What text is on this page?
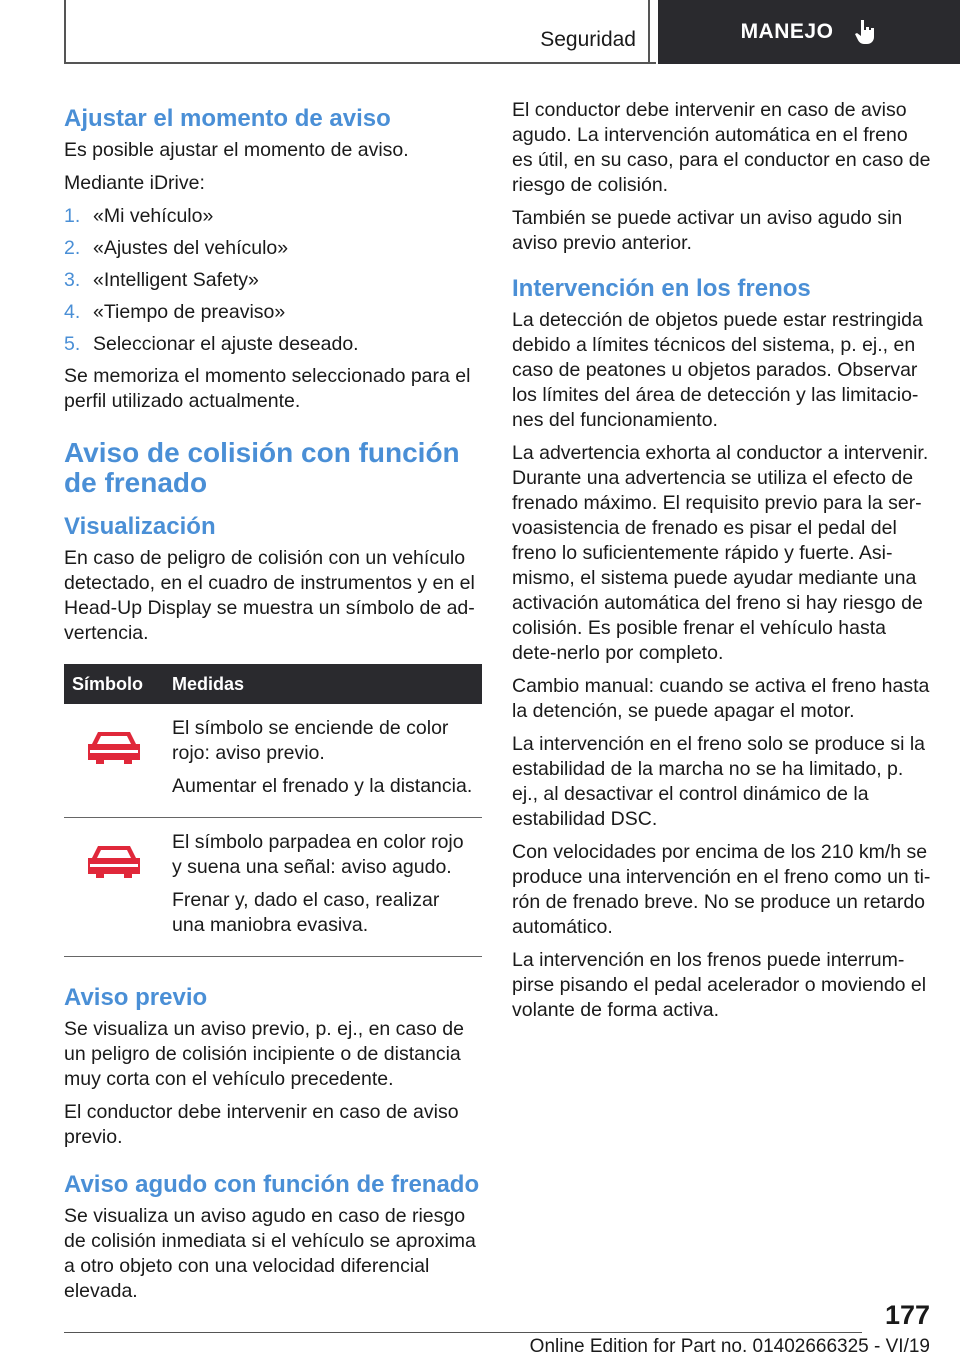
Seguridad	MANEJO
Ajustar el momento de aviso

Es posible ajustar el momento de aviso.

Mediante iDrive:

1. «Mi vehículo»
2. «Ajustes del vehículo»
3. «Intelligent Safety»
4. «Tiempo de preaviso»
5. Seleccionar el ajuste deseado.

Se memoriza el momento seleccionado para el perfil utilizado actualmente.

Aviso de colisión con función de frenado
Visualización

En caso de peligro de colisión con un vehículo detectado, en el cuadro de instrumentos y en el Head-Up Display se muestra un símbolo de ad-vertencia.

Símbolo	Medidas

El símbolo se enciende de color rojo: aviso previo.

Aumentar el frenado y la distancia.

El símbolo parpadea en color rojo y suena una señal: aviso agudo.

Frenar y, dado el caso, realizar una maniobra evasiva.

Aviso previo

Se visualiza un aviso previo, p. ej., en caso de un peligro de colisión incipiente o de distancia muy corta con el vehículo precedente.

El conductor debe intervenir en caso de aviso previo.

Aviso agudo con función de frenado

Se visualiza un aviso agudo en caso de riesgo de colisión inmediata si el vehículo se aproxima a otro objeto con una velocidad diferencial elevada.

El conductor debe intervenir en caso de aviso agudo. La intervención automática en el freno es útil, en su caso, para el conductor en caso de riesgo de colisión.

También se puede activar un aviso agudo sin aviso previo anterior.

Intervención en los frenos

La detección de objetos puede estar restringida debido a límites técnicos del sistema, p. ej., en caso de peatones u objetos parados. Observar los límites del área de detección y las limitacio-nes del funcionamiento.

La advertencia exhorta al conductor a intervenir. Durante una advertencia se utiliza el efecto de frenado máximo. El requisito previo para la ser-voasistencia de frenado es pisar el pedal del freno lo suficientemente rápido y fuerte. Asi-mismo, el sistema puede ayudar mediante una activación automática del freno si hay riesgo de colisión. Es posible frenar el vehículo hasta dete-nerlo por completo.

Cambio manual: cuando se activa el freno hasta la detención, se puede apagar el motor.

La intervención en el freno solo se produce si la estabilidad de la marcha no se ha limitado, p. ej., al desactivar el control dinámico de la estabilidad DSC.

Con velocidades por encima de los 210 km/h se produce una intervención en el freno como un ti-rón de frenado breve. No se produce un retardo automático.

La intervención en los frenos puede interrum-pirse pisando el pedal acelerador o moviendo el volante de forma activa.

177
Online Edition for Part no. 01402666325 - VI/19
